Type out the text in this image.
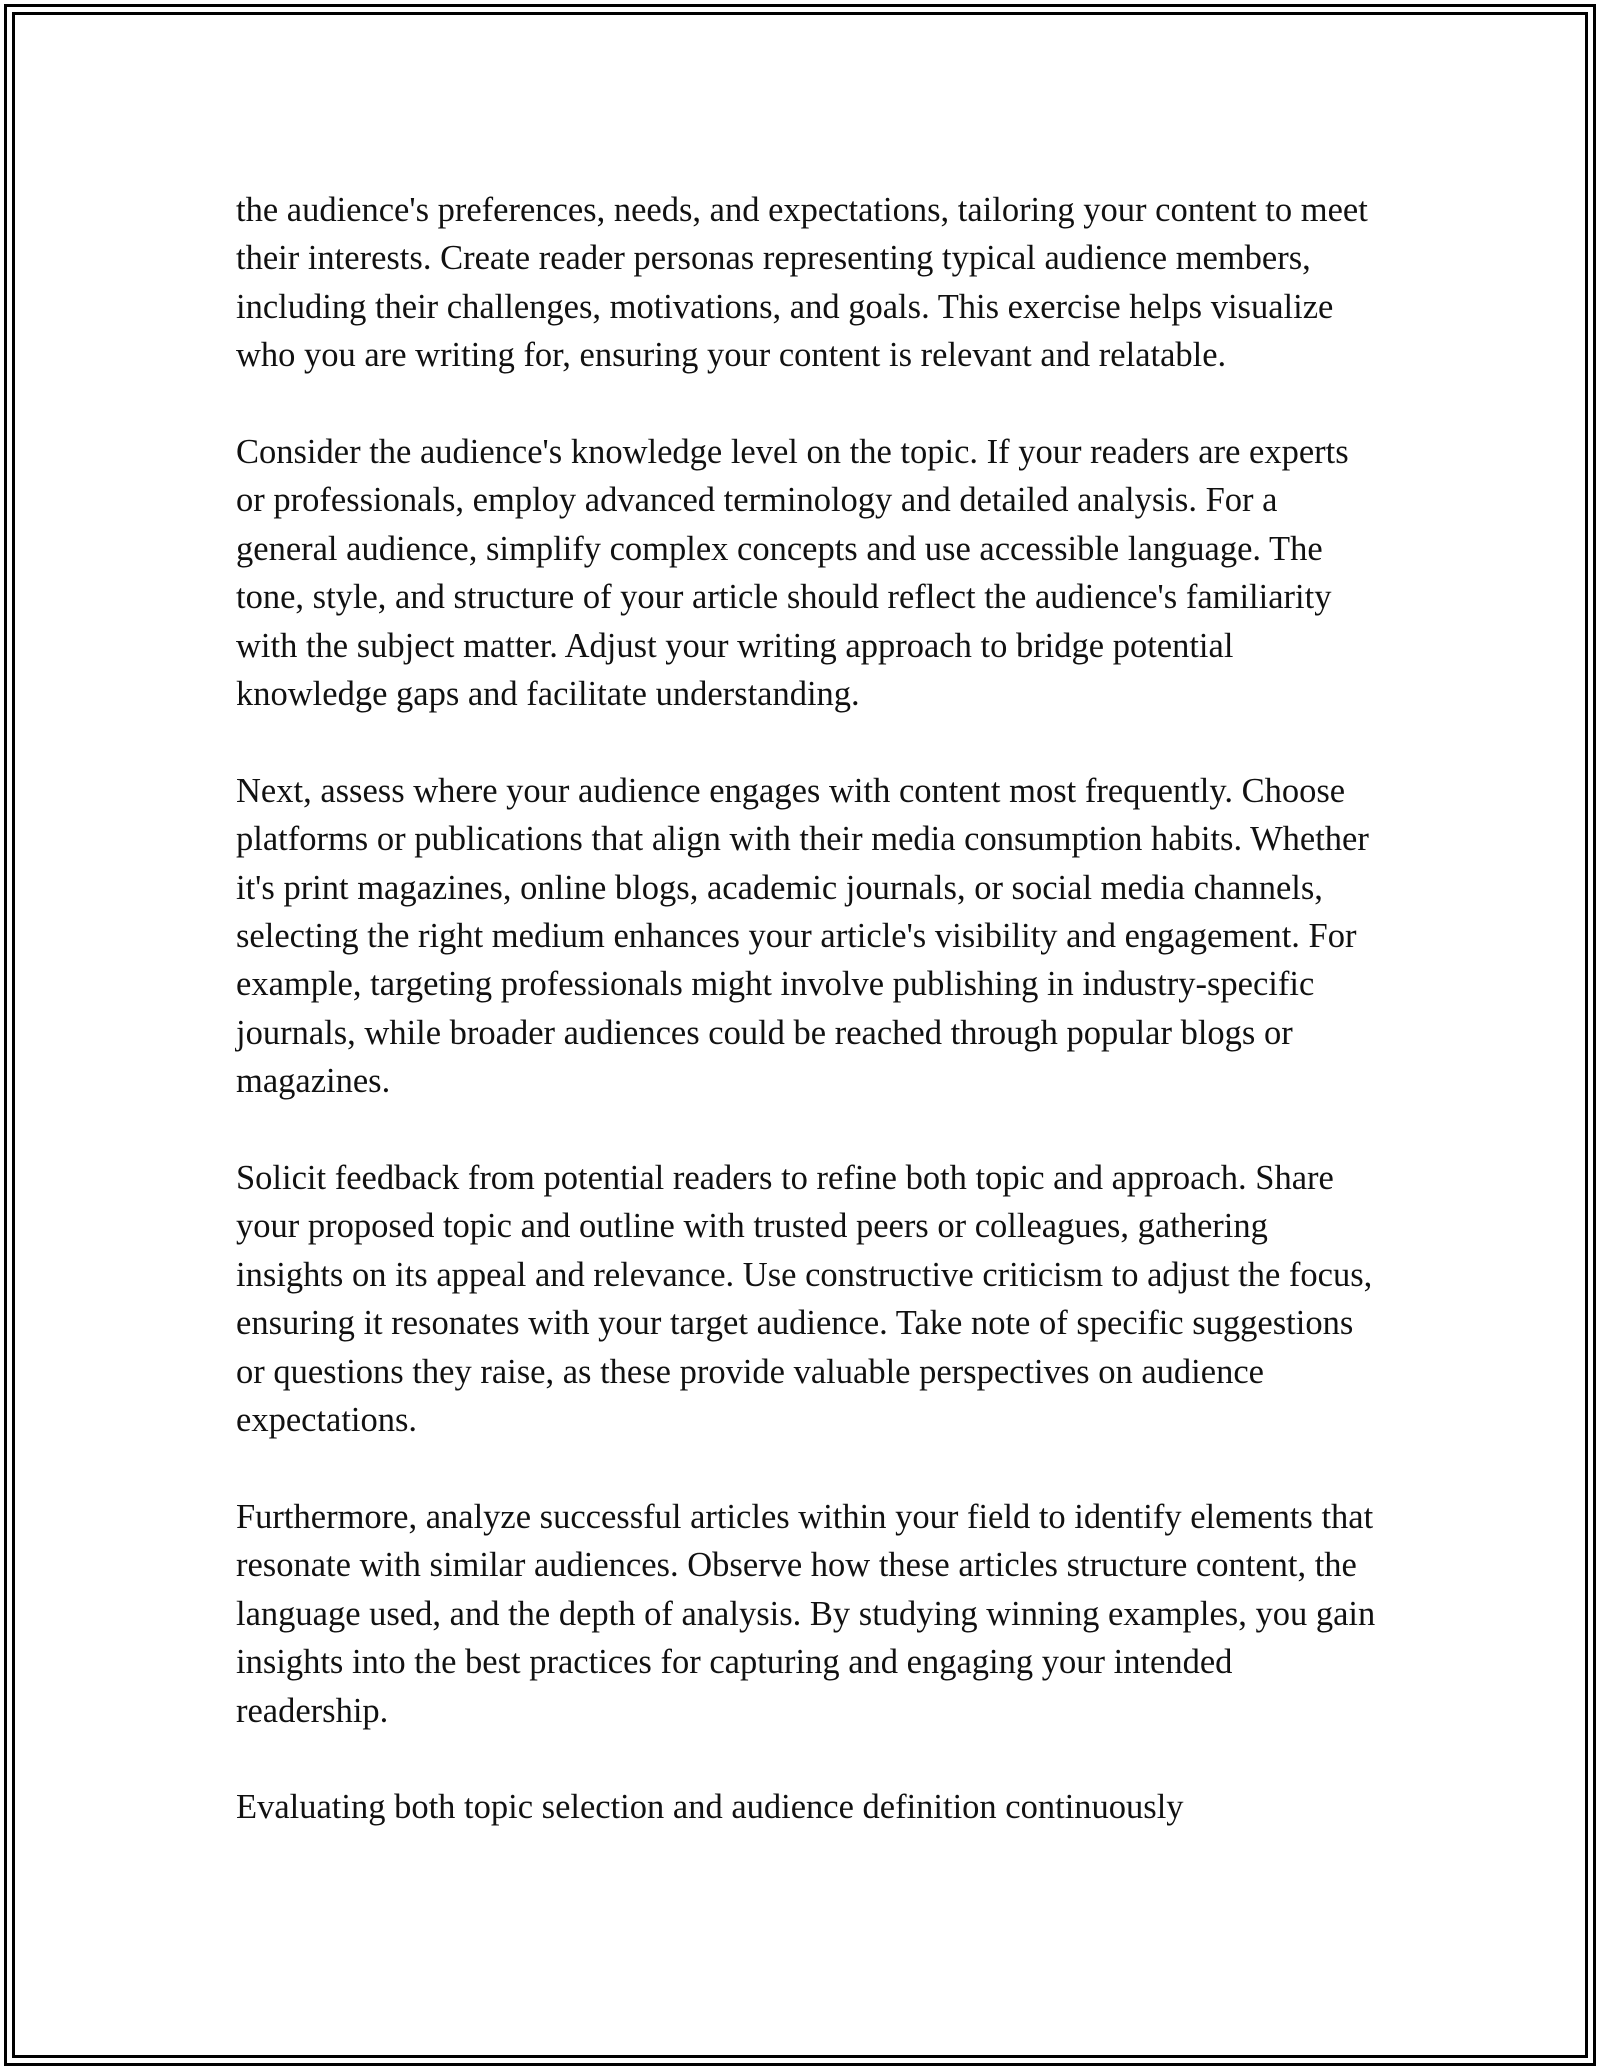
the audience's preferences, needs, and expectations, tailoring your content to meet their interests. Create reader personas representing typical audience members, including their challenges, motivations, and goals. This exercise helps visualize who you are writing for, ensuring your content is relevant and relatable.

Consider the audience's knowledge level on the topic. If your readers are experts or professionals, employ advanced terminology and detailed analysis. For a general audience, simplify complex concepts and use accessible language. The tone, style, and structure of your article should reflect the audience's familiarity with the subject matter. Adjust your writing approach to bridge potential knowledge gaps and facilitate understanding.

Next, assess where your audience engages with content most frequently. Choose platforms or publications that align with their media consumption habits. Whether it's print magazines, online blogs, academic journals, or social media channels, selecting the right medium enhances your article's visibility and engagement. For example, targeting professionals might involve publishing in industry-specific journals, while broader audiences could be reached through popular blogs or magazines.

Solicit feedback from potential readers to refine both topic and approach. Share your proposed topic and outline with trusted peers or colleagues, gathering insights on its appeal and relevance. Use constructive criticism to adjust the focus, ensuring it resonates with your target audience. Take note of specific suggestions or questions they raise, as these provide valuable perspectives on audience expectations.

Furthermore, analyze successful articles within your field to identify elements that resonate with similar audiences. Observe how these articles structure content, the language used, and the depth of analysis. By studying winning examples, you gain insights into the best practices for capturing and engaging your intended readership.

Evaluating both topic selection and audience definition continuously
